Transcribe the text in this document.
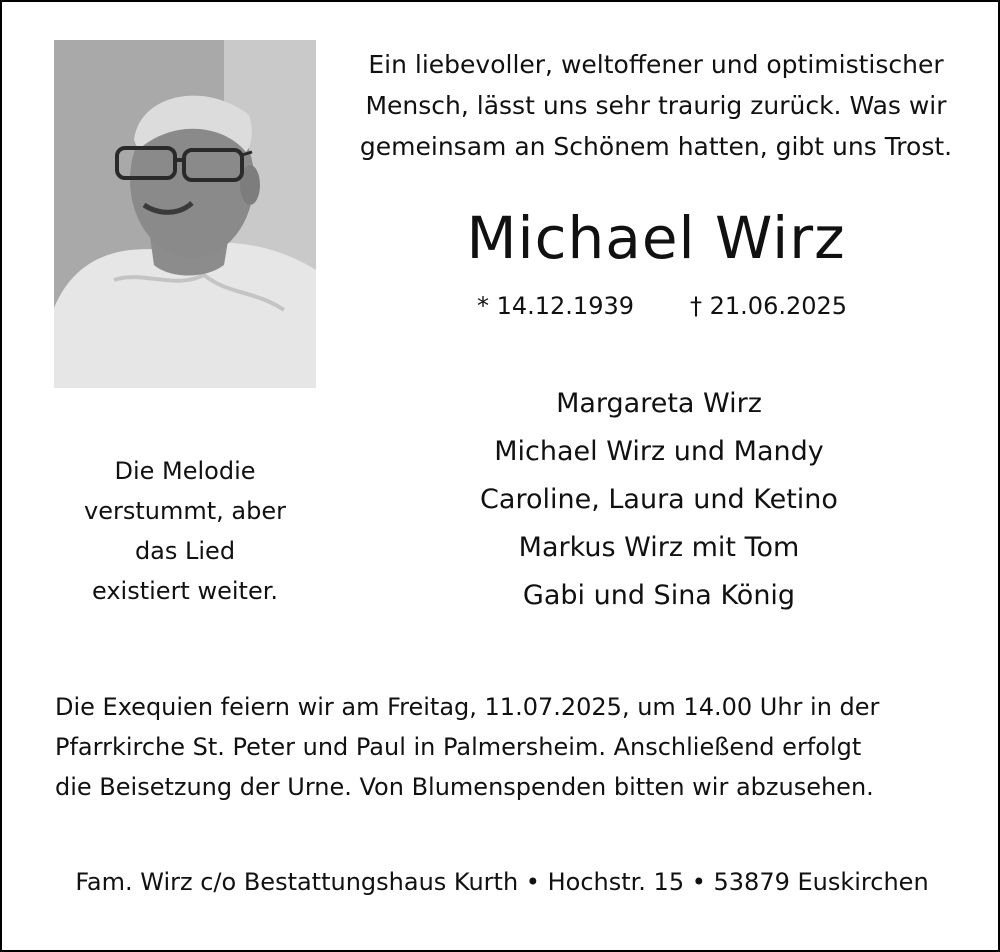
Ein liebevoller, weltoffener und optimistischer
Mensch, lässt uns sehr traurig zurück. Was wir
gemeinsam an Schönem hatten, gibt uns Trost.
Michael Wirz
* 14.12.1939 † 21.06.2025
Margareta Wirz
Michael Wirz und Mandy
Caroline, Laura und Ketino
Markus Wirz mit Tom
Gabi und Sina König
Die Melodie
verstummt, aber
das Lied
existiert weiter.
Die Exequien feiern wir am Freitag, 11.07.2025, um 14.00 Uhr in der
Pfarrkirche St. Peter und Paul in Palmersheim. Anschließend erfolgt
die Beisetzung der Urne. Von Blumenspenden bitten wir abzusehen.
Fam. Wirz c/o Bestattungshaus Kurth • Hochstr. 15 • 53879 Euskirchen
